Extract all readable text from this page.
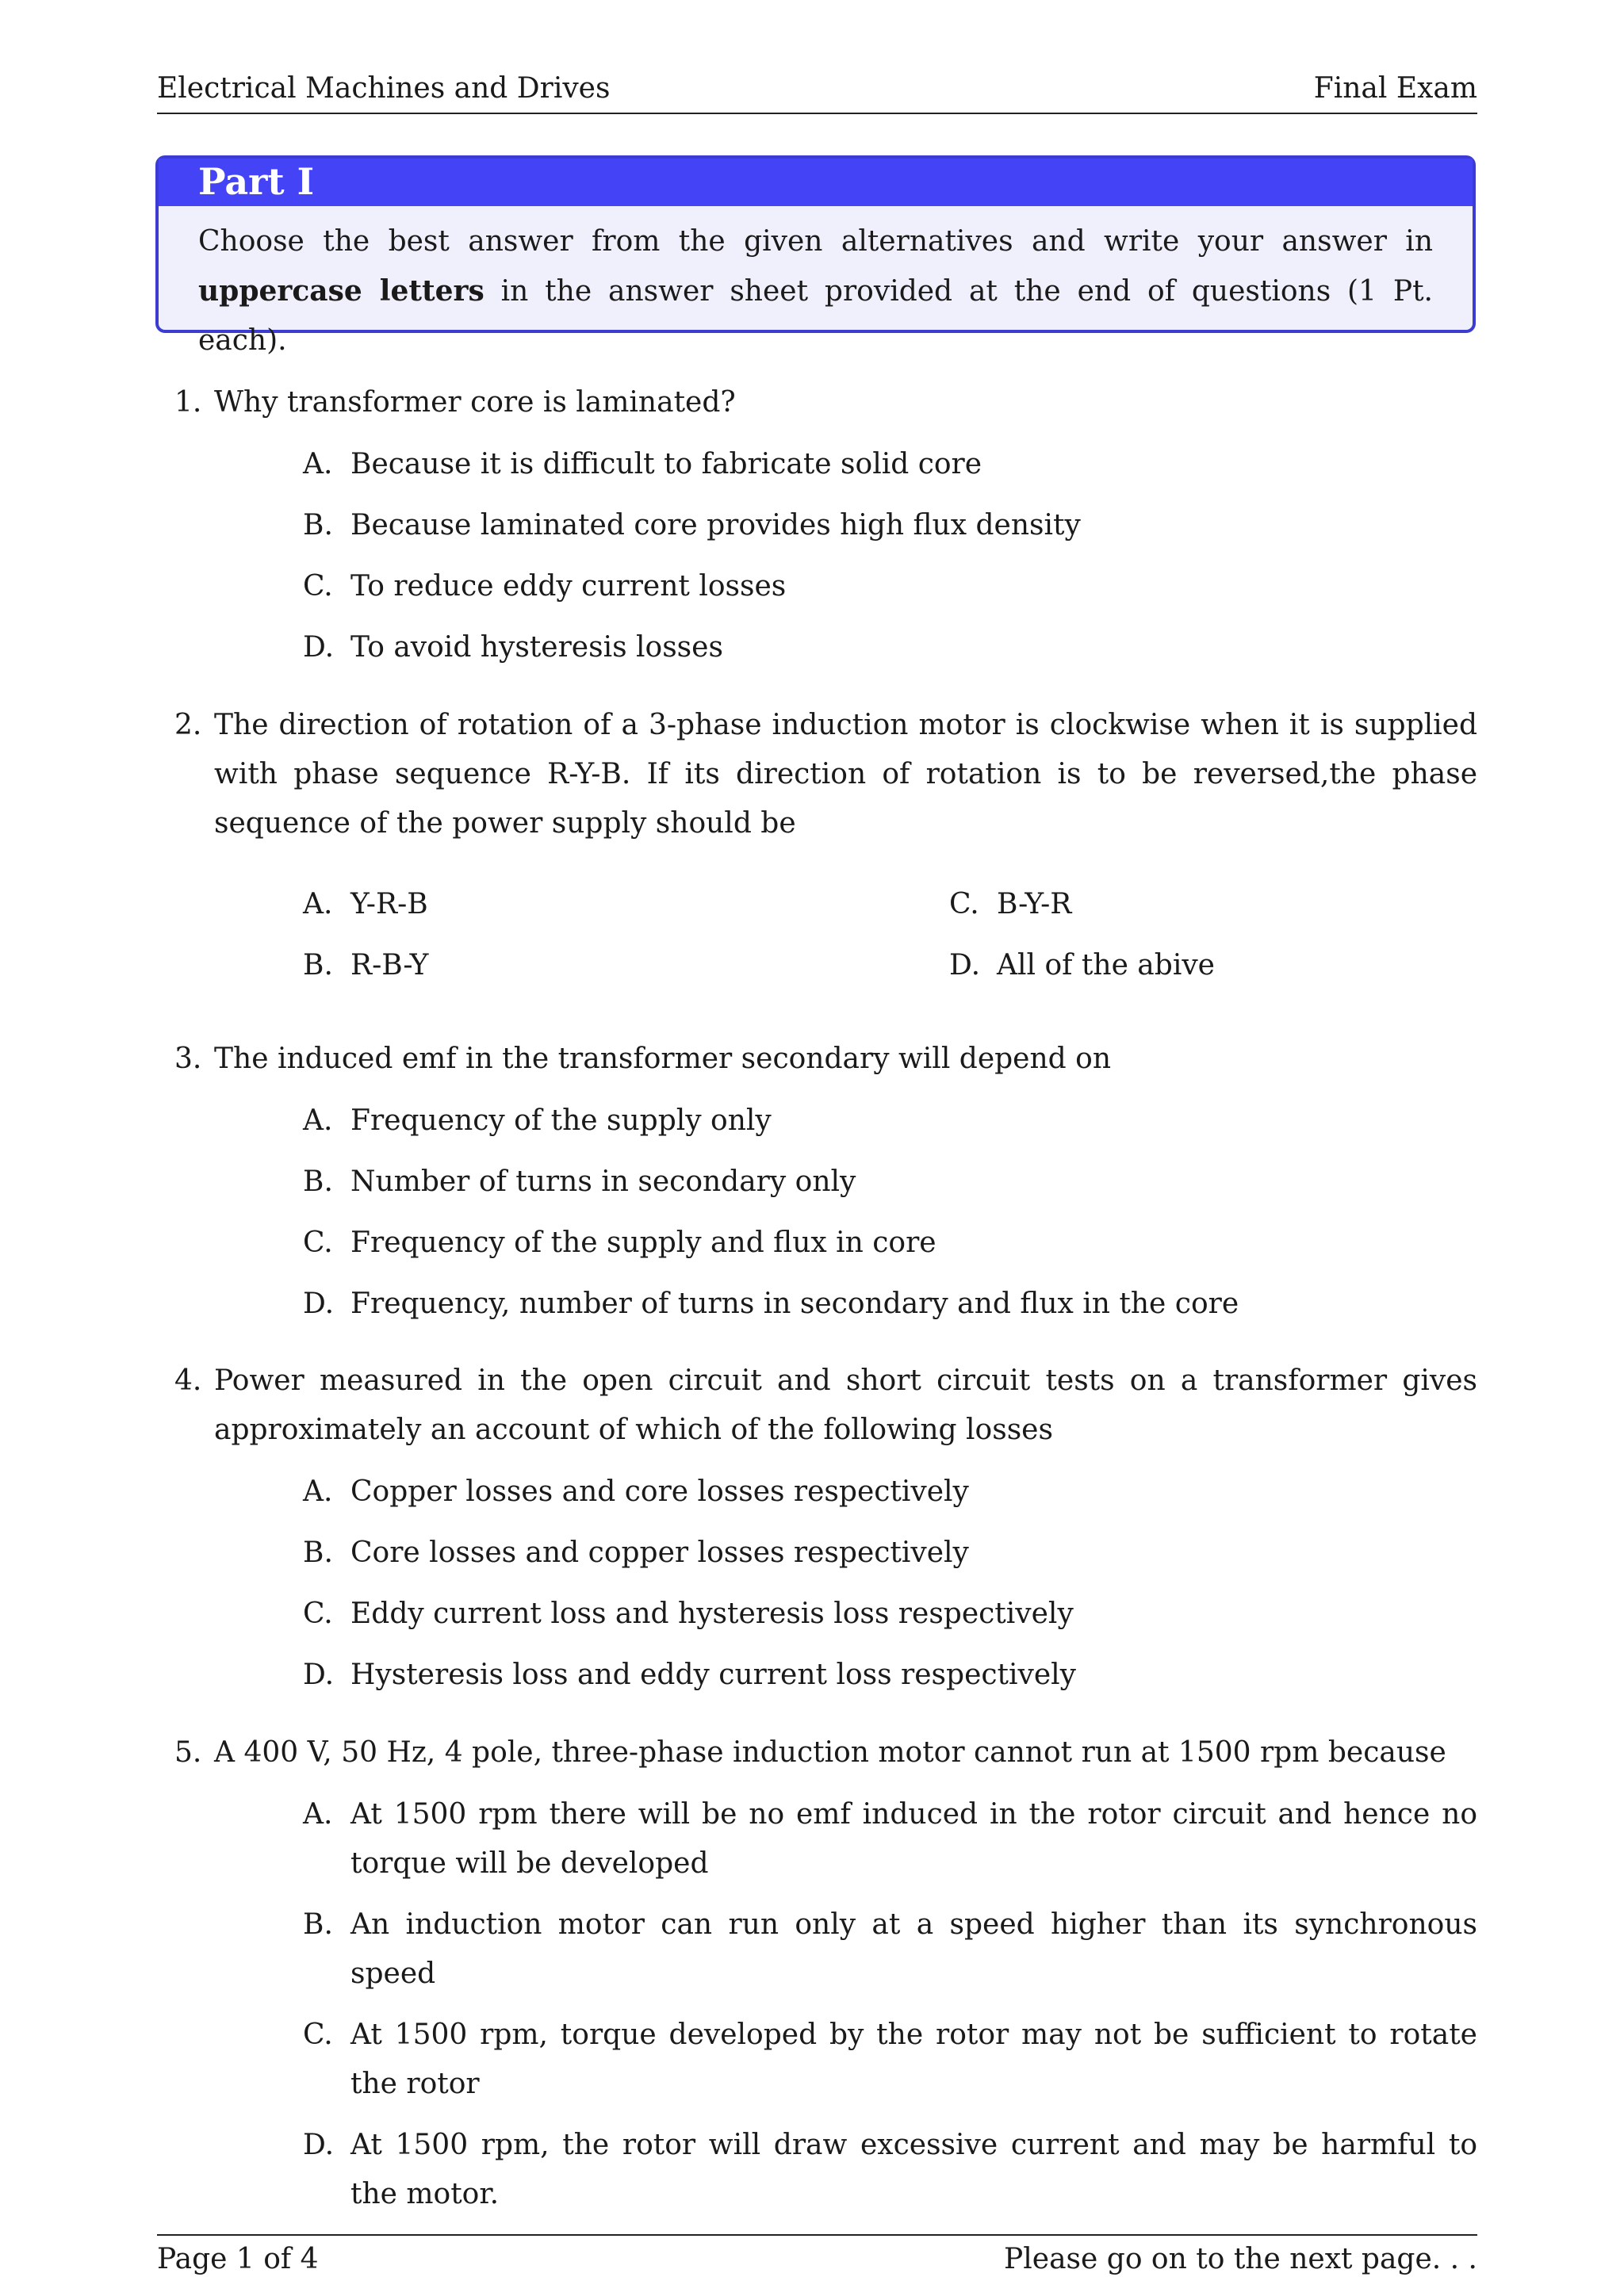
Electrical Machines and Drives	Final Exam
Part I
Choose the best answer from the given alternatives and write your answer in uppercase letters in the answer sheet provided at the end of questions (1 Pt. each).
1. Why transformer core is laminated?
A. Because it is difficult to fabricate solid core
B. Because laminated core provides high flux density
C. To reduce eddy current losses
D. To avoid hysteresis losses
2. The direction of rotation of a 3-phase induction motor is clockwise when it is supplied with phase sequence R-Y-B. If its direction of rotation is to be reversed,the phase sequence of the power supply should be
A. Y-R-B	C. B-Y-R
B. R-B-Y	D. All of the abive
3. The induced emf in the transformer secondary will depend on
A. Frequency of the supply only
B. Number of turns in secondary only
C. Frequency of the supply and flux in core
D. Frequency, number of turns in secondary and flux in the core
4. Power measured in the open circuit and short circuit tests on a transformer gives approximately an account of which of the following losses
A. Copper losses and core losses respectively
B. Core losses and copper losses respectively
C. Eddy current loss and hysteresis loss respectively
D. Hysteresis loss and eddy current loss respectively
5. A 400 V, 50 Hz, 4 pole, three-phase induction motor cannot run at 1500 rpm because
A. At 1500 rpm there will be no emf induced in the rotor circuit and hence no torque will be developed
B. An induction motor can run only at a speed higher than its synchronous speed
C. At 1500 rpm, torque developed by the rotor may not be sufficient to rotate the rotor
D. At 1500 rpm, the rotor will draw excessive current and may be harmful to the motor.
Page 1 of 4	Please go on to the next page. . .
